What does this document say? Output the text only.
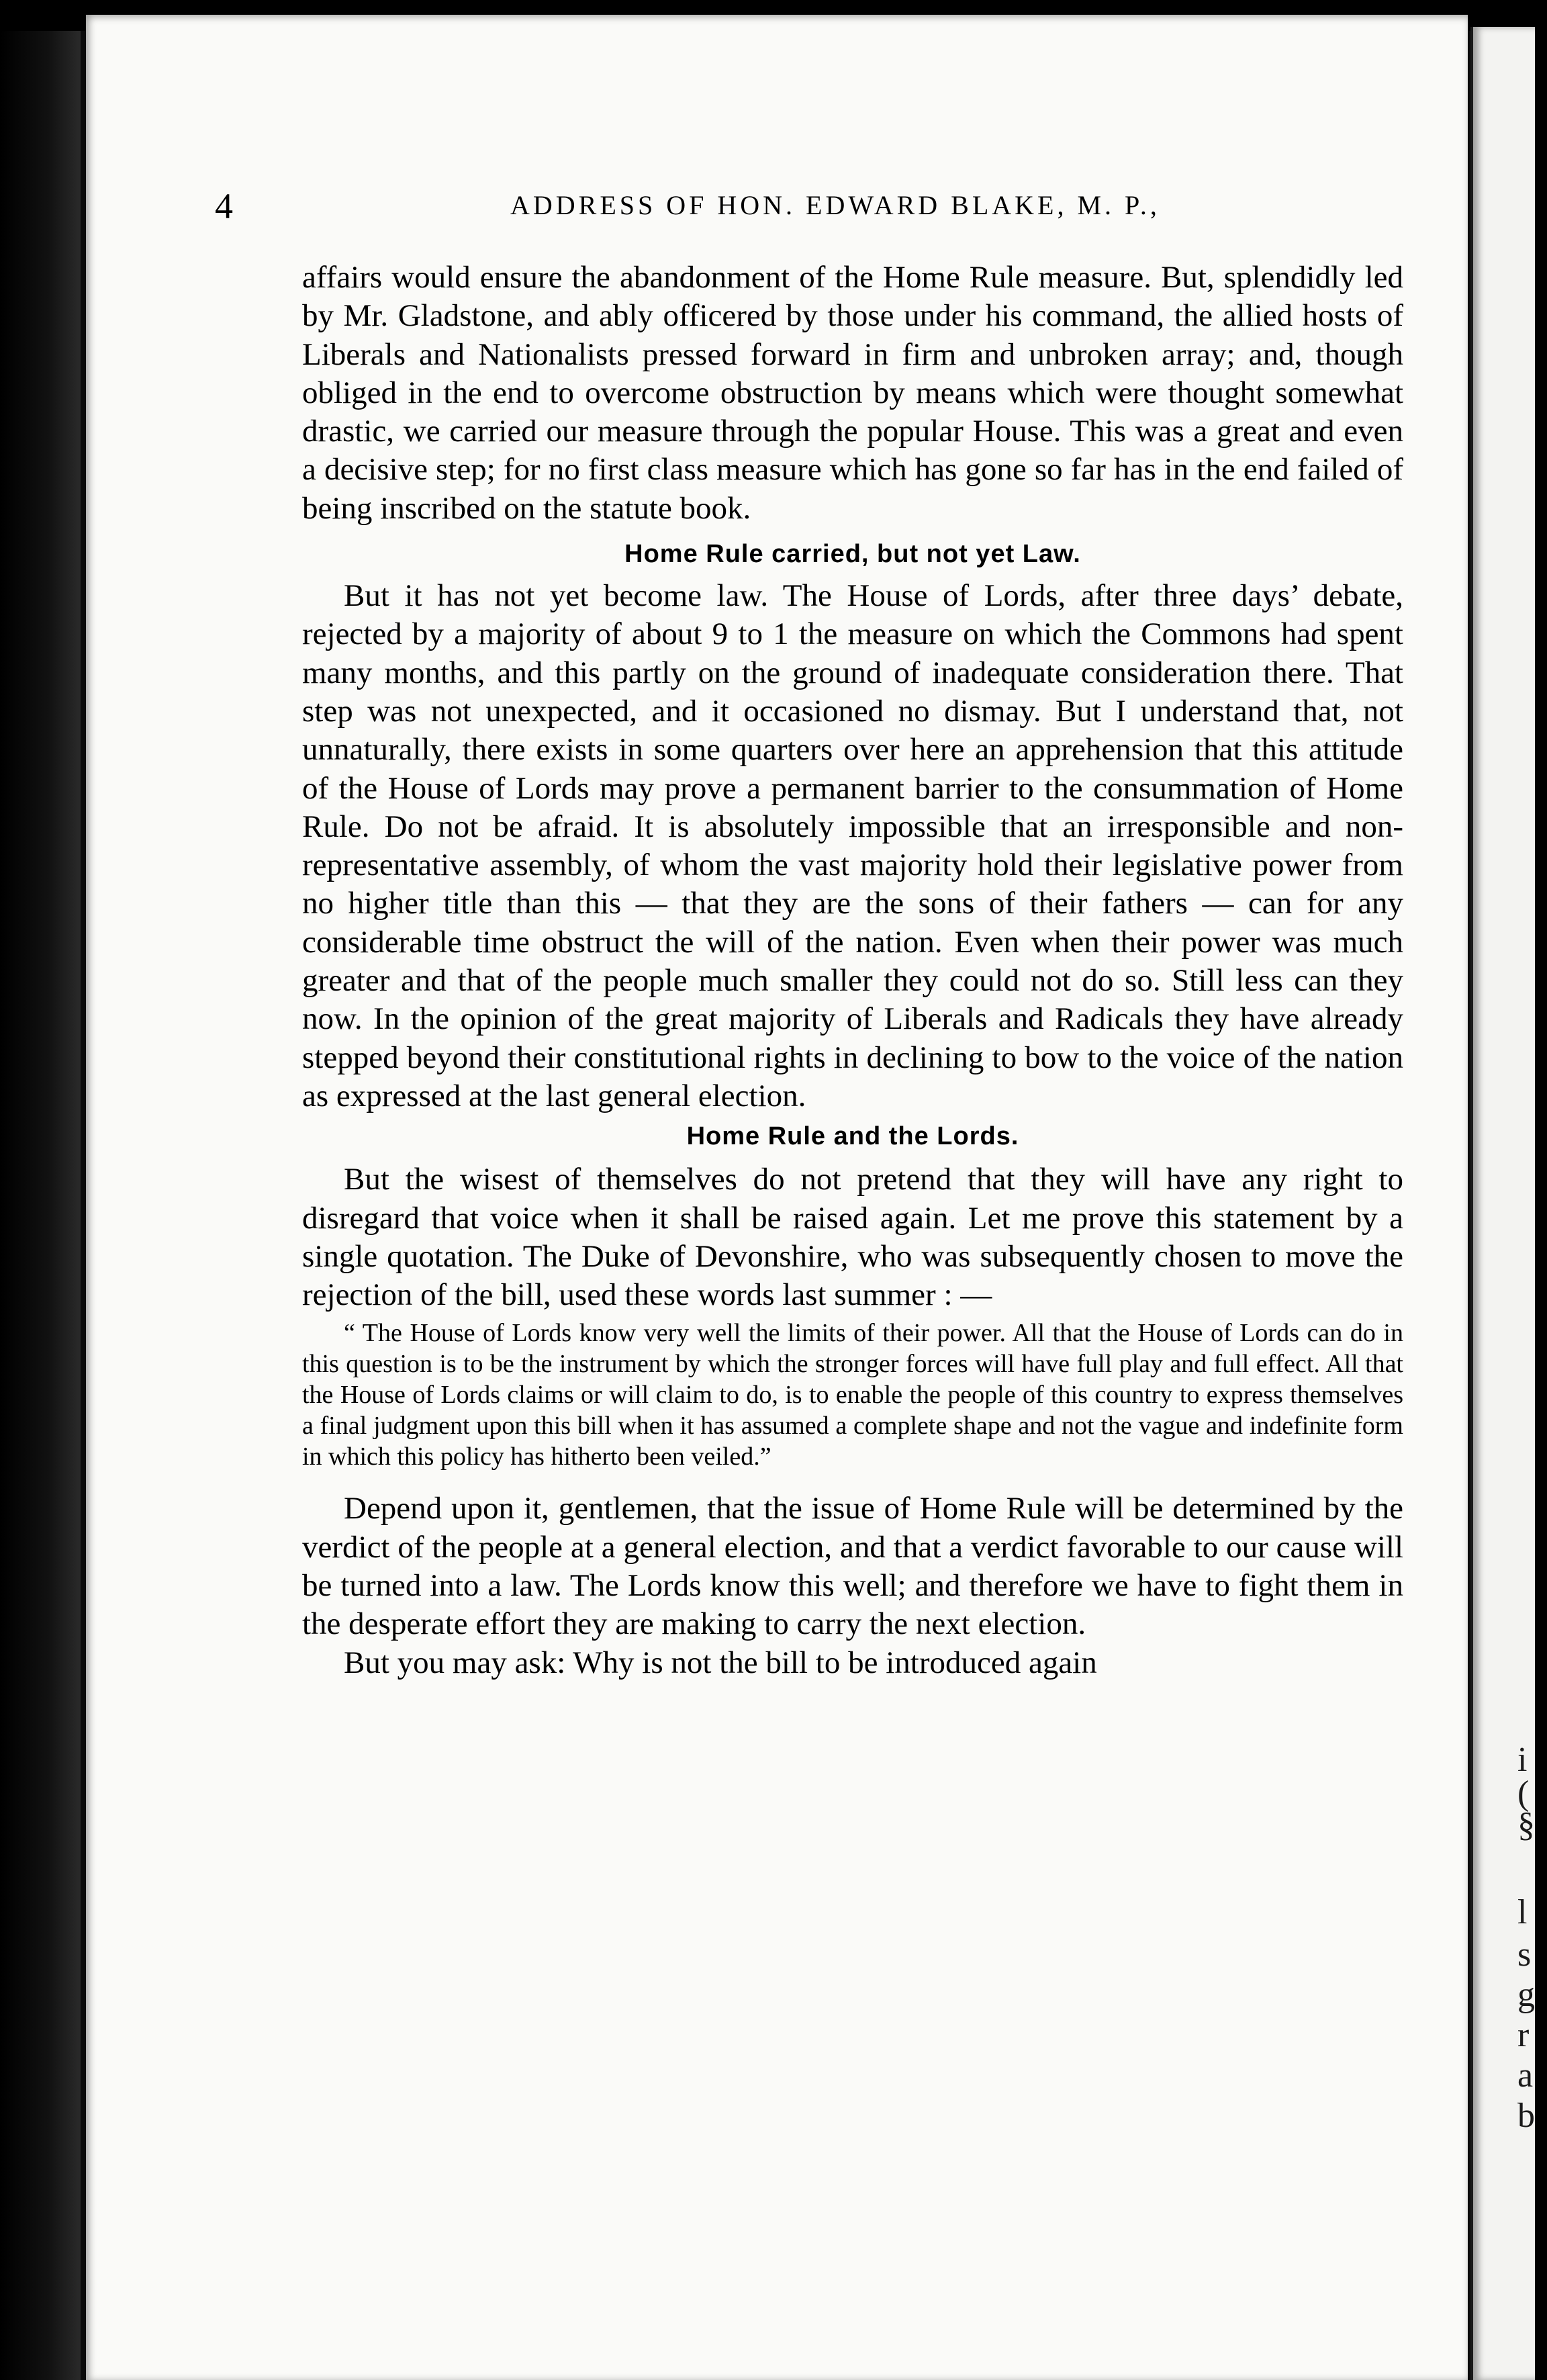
i
(
§
l
s
g
r
a
b
4	ADDRESS OF HON. EDWARD BLAKE, M. P.,

affairs would ensure the abandonment of the Home Rule measure. But, splendidly led by Mr. Gladstone, and ably officered by those under his command, the allied hosts of Liberals and Nationalists pressed forward in firm and unbroken array; and, though obliged in the end to overcome obstruction by means which were thought somewhat drastic, we carried our measure through the popular House. This was a great and even a decisive step; for no first class measure which has gone so far has in the end failed of being inscribed on the statute book.

Home Rule carried, but not yet Law.

But it has not yet become law. The House of Lords, after three days’ debate, rejected by a majority of about 9 to 1 the measure on which the Commons had spent many months, and this partly on the ground of inadequate consideration there. That step was not unexpected, and it occasioned no dismay. But I understand that, not unnaturally, there exists in some quarters over here an apprehension that this attitude of the House of Lords may prove a permanent barrier to the consummation of Home Rule. Do not be afraid. It is absolutely impossible that an irresponsible and non-representative assembly, of whom the vast majority hold their legislative power from no higher title than this — that they are the sons of their fathers — can for any considerable time obstruct the will of the nation. Even when their power was much greater and that of the people much smaller they could not do so. Still less can they now. In the opinion of the great majority of Liberals and Radicals they have already stepped beyond their constitutional rights in declining to bow to the voice of the nation as expressed at the last general election.

Home Rule and the Lords.

But the wisest of themselves do not pretend that they will have any right to disregard that voice when it shall be raised again. Let me prove this statement by a single quotation. The Duke of Devonshire, who was subsequently chosen to move the rejection of the bill, used these words last summer : —

“ The House of Lords know very well the limits of their power. All that the House of Lords can do in this question is to be the instrument by which the stronger forces will have full play and full effect. All that the House of Lords claims or will claim to do, is to enable the people of this country to express themselves a final judgment upon this bill when it has assumed a complete shape and not the vague and indefinite form in which this policy has hitherto been veiled.”

Depend upon it, gentlemen, that the issue of Home Rule will be determined by the verdict of the people at a general election, and that a verdict favorable to our cause will be turned into a law. The Lords know this well; and therefore we have to fight them in the desperate effort they are making to carry the next election.

But you may ask: Why is not the bill to be introduced again
